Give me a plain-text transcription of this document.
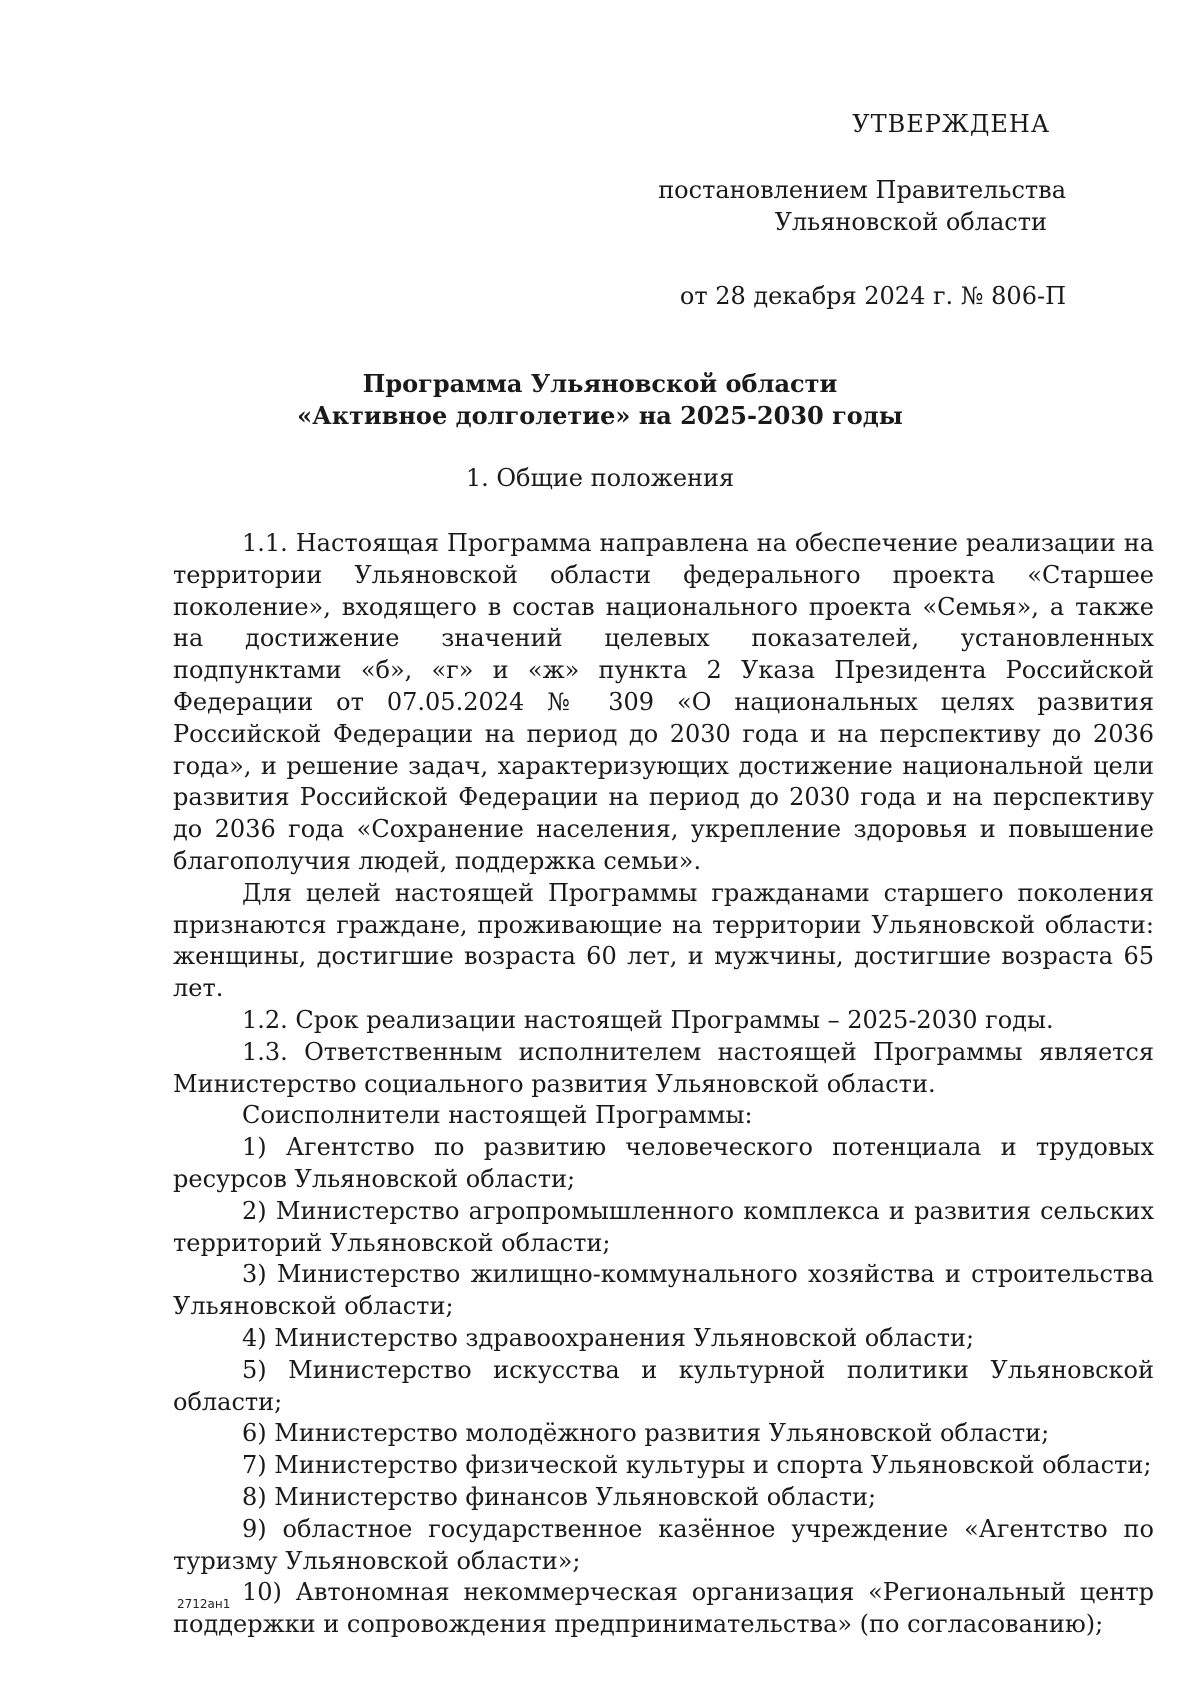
УТВЕРЖДЕНА
постановлением Правительства
Ульяновской области
от 28 декабря 2024 г. № 806-П
Программа Ульяновской области
«Активное долголетие» на 2025-2030 годы
1. Общие положения

1.1. Настоящая Программа направлена на обеспечение реализации на территории Ульяновской области федерального проекта «Старшее поколение», входящего в состав национального проекта «Семья», а также на достижение значений целевых показателей, установленных подпунктами «б», «г» и «ж» пункта 2 Указа Президента Российской Федерации от 07.05.2024 № 309 «О национальных целях развития Российской Федерации на период до 2030 года и на перспективу до 2036 года», и решение задач, характеризующих достижение национальной цели развития Российской Федерации на период до 2030 года и на перспективу до 2036 года «Сохранение населения, укрепление здоровья и повышение благополучия людей, поддержка семьи».

Для целей настоящей Программы гражданами старшего поколения признаются граждане, проживающие на территории Ульяновской области: женщины, достигшие возраста 60 лет, и мужчины, достигшие возраста 65 лет.

1.2. Срок реализации настоящей Программы – 2025-2030 годы.

1.3. Ответственным исполнителем настоящей Программы является Министерство социального развития Ульяновской области.

Соисполнители настоящей Программы:

1) Агентство по развитию человеческого потенциала и трудовых ресурсов Ульяновской области;

2) Министерство агропромышленного комплекса и развития сельских территорий Ульяновской области;

3) Министерство жилищно-коммунального хозяйства и строительства Ульяновской области;

4) Министерство здравоохранения Ульяновской области;

5) Министерство искусства и культурной политики Ульяновской области;

6) Министерство молодёжного развития Ульяновской области;

7) Министерство физической культуры и спорта Ульяновской области;

8) Министерство финансов Ульяновской области;

9) областное государственное казённое учреждение «Агентство по туризму Ульяновской области»;

10) Автономная некоммерческая организация «Региональный центр поддержки и сопровождения предпринимательства» (по согласованию);

2712ан1
